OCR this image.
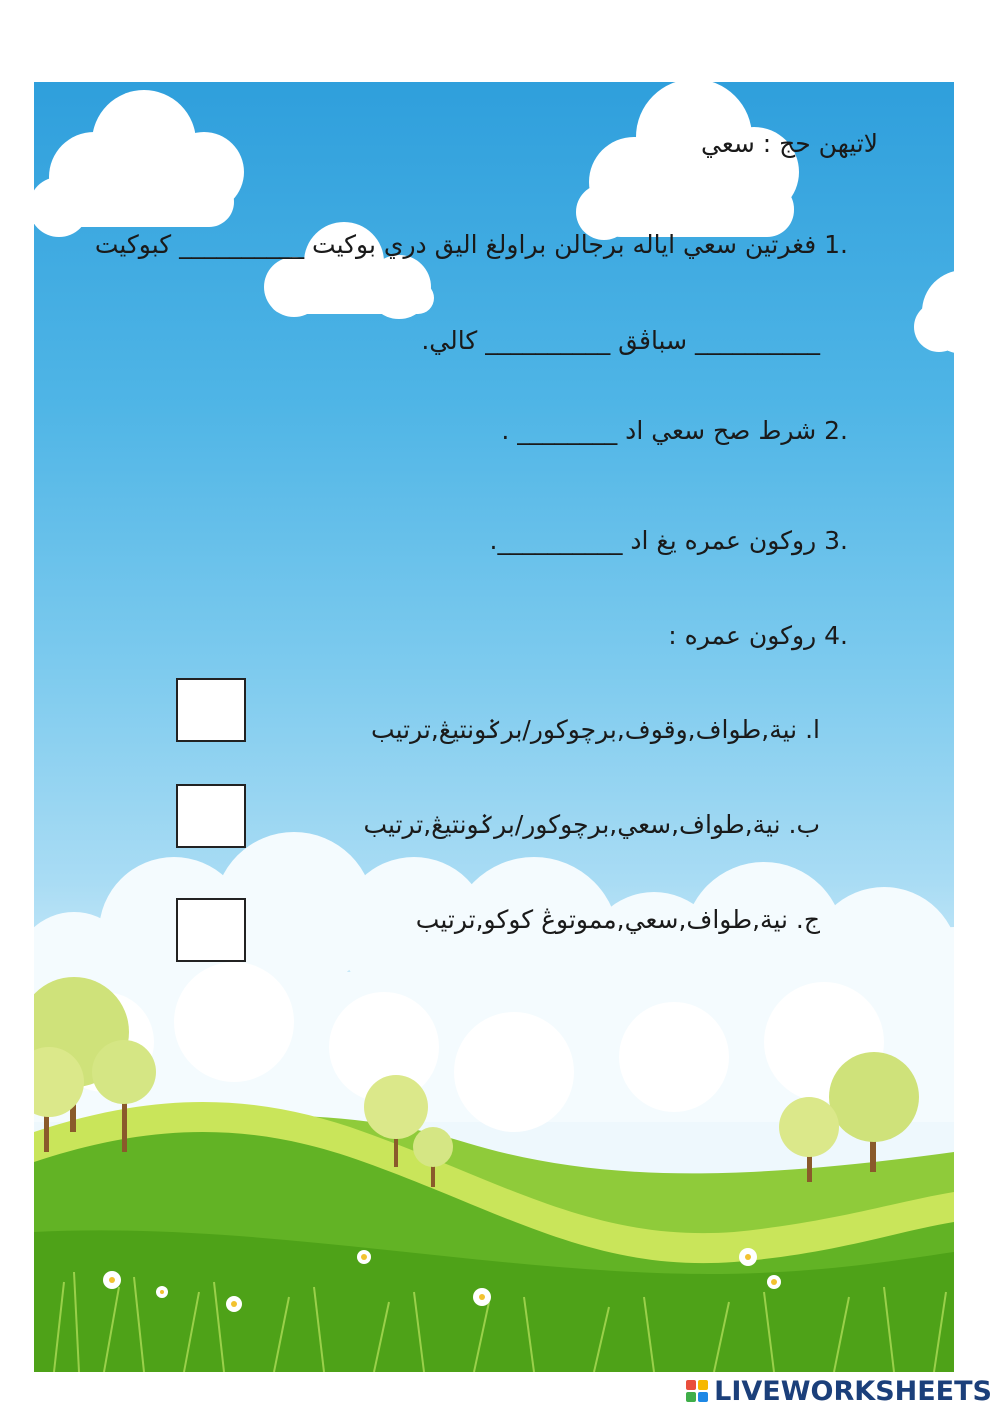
لاتيهن حج : سعي
1. فغرتين سعي اياله برجالن براولغ اليق دري بوكيت __________ كبوكيت
__________ سباڤق __________ كالي.
2. شرط صح سعي اد ________ .
3. روكون عمره يغ اد __________.
4. روكون عمره :
ا. نية,طواف,وقوف,برچوكور/برݢونتيڠ,ترتيب
ب. نية,طواف,سعي,برچوكور/برݢونتيڠ,ترتيب
ج. نية,طواف,سعي,مموتوڠ كوكو,ترتيب
LIVEWORKSHEETS
